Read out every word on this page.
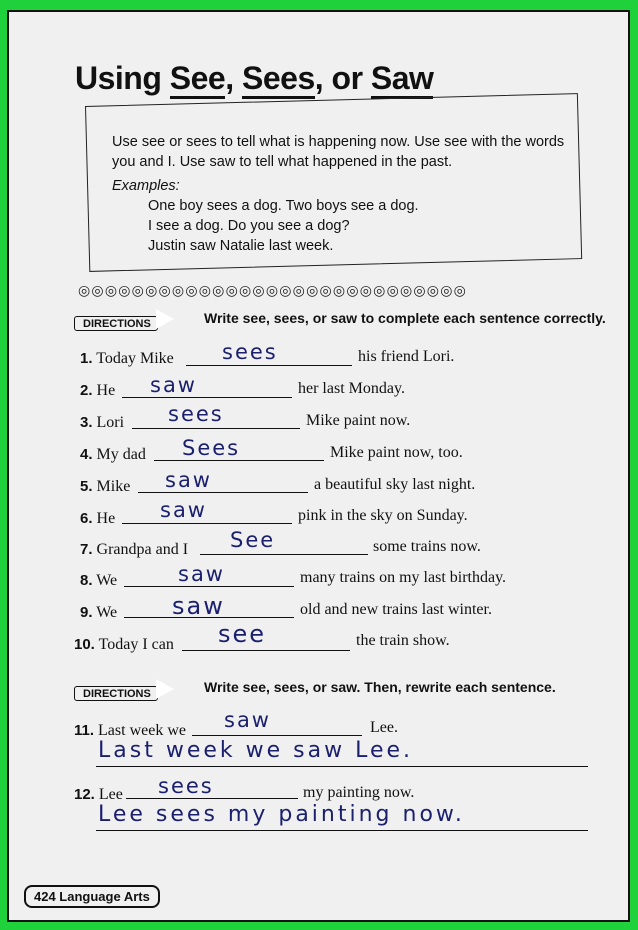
Using See, Sees, or Saw
Use see or sees to tell what is happening now. Use see with the words
you and I. Use saw to tell what happened in the past.
Examples:
One boy sees a dog. Two boys see a dog.
I see a dog. Do you see a dog?
Justin saw Natalie last week.
◎◎◎◎◎◎◎◎◎◎◎◎◎◎◎◎◎◎◎◎◎◎◎◎◎◎◎◎◎
DIRECTIONS	Write see, sees, or saw to complete each sentence correctly.
1. Today Mike sees	his friend Lori.
2. He saw	her last Monday.
3. Lori sees	Mike paint now.
4. My dad Sees	Mike paint now, too.
5. Mike saw	a beautiful sky last night.
6. He saw	pink in the sky on Sunday.
7. Grandpa and I See	some trains now.
8. We	saw	many trains on my last birthday.
9. We saw	old and new trains last winter.
10. Today I can see	the train show.
DIRECTIONS	Write see, sees, or saw. Then, rewrite each sentence.
11. Last week we saw	Lee.
Last week we saw Lee.
12. Lee sees	my painting now.
Lee sees my painting now.
424 Language Arts
